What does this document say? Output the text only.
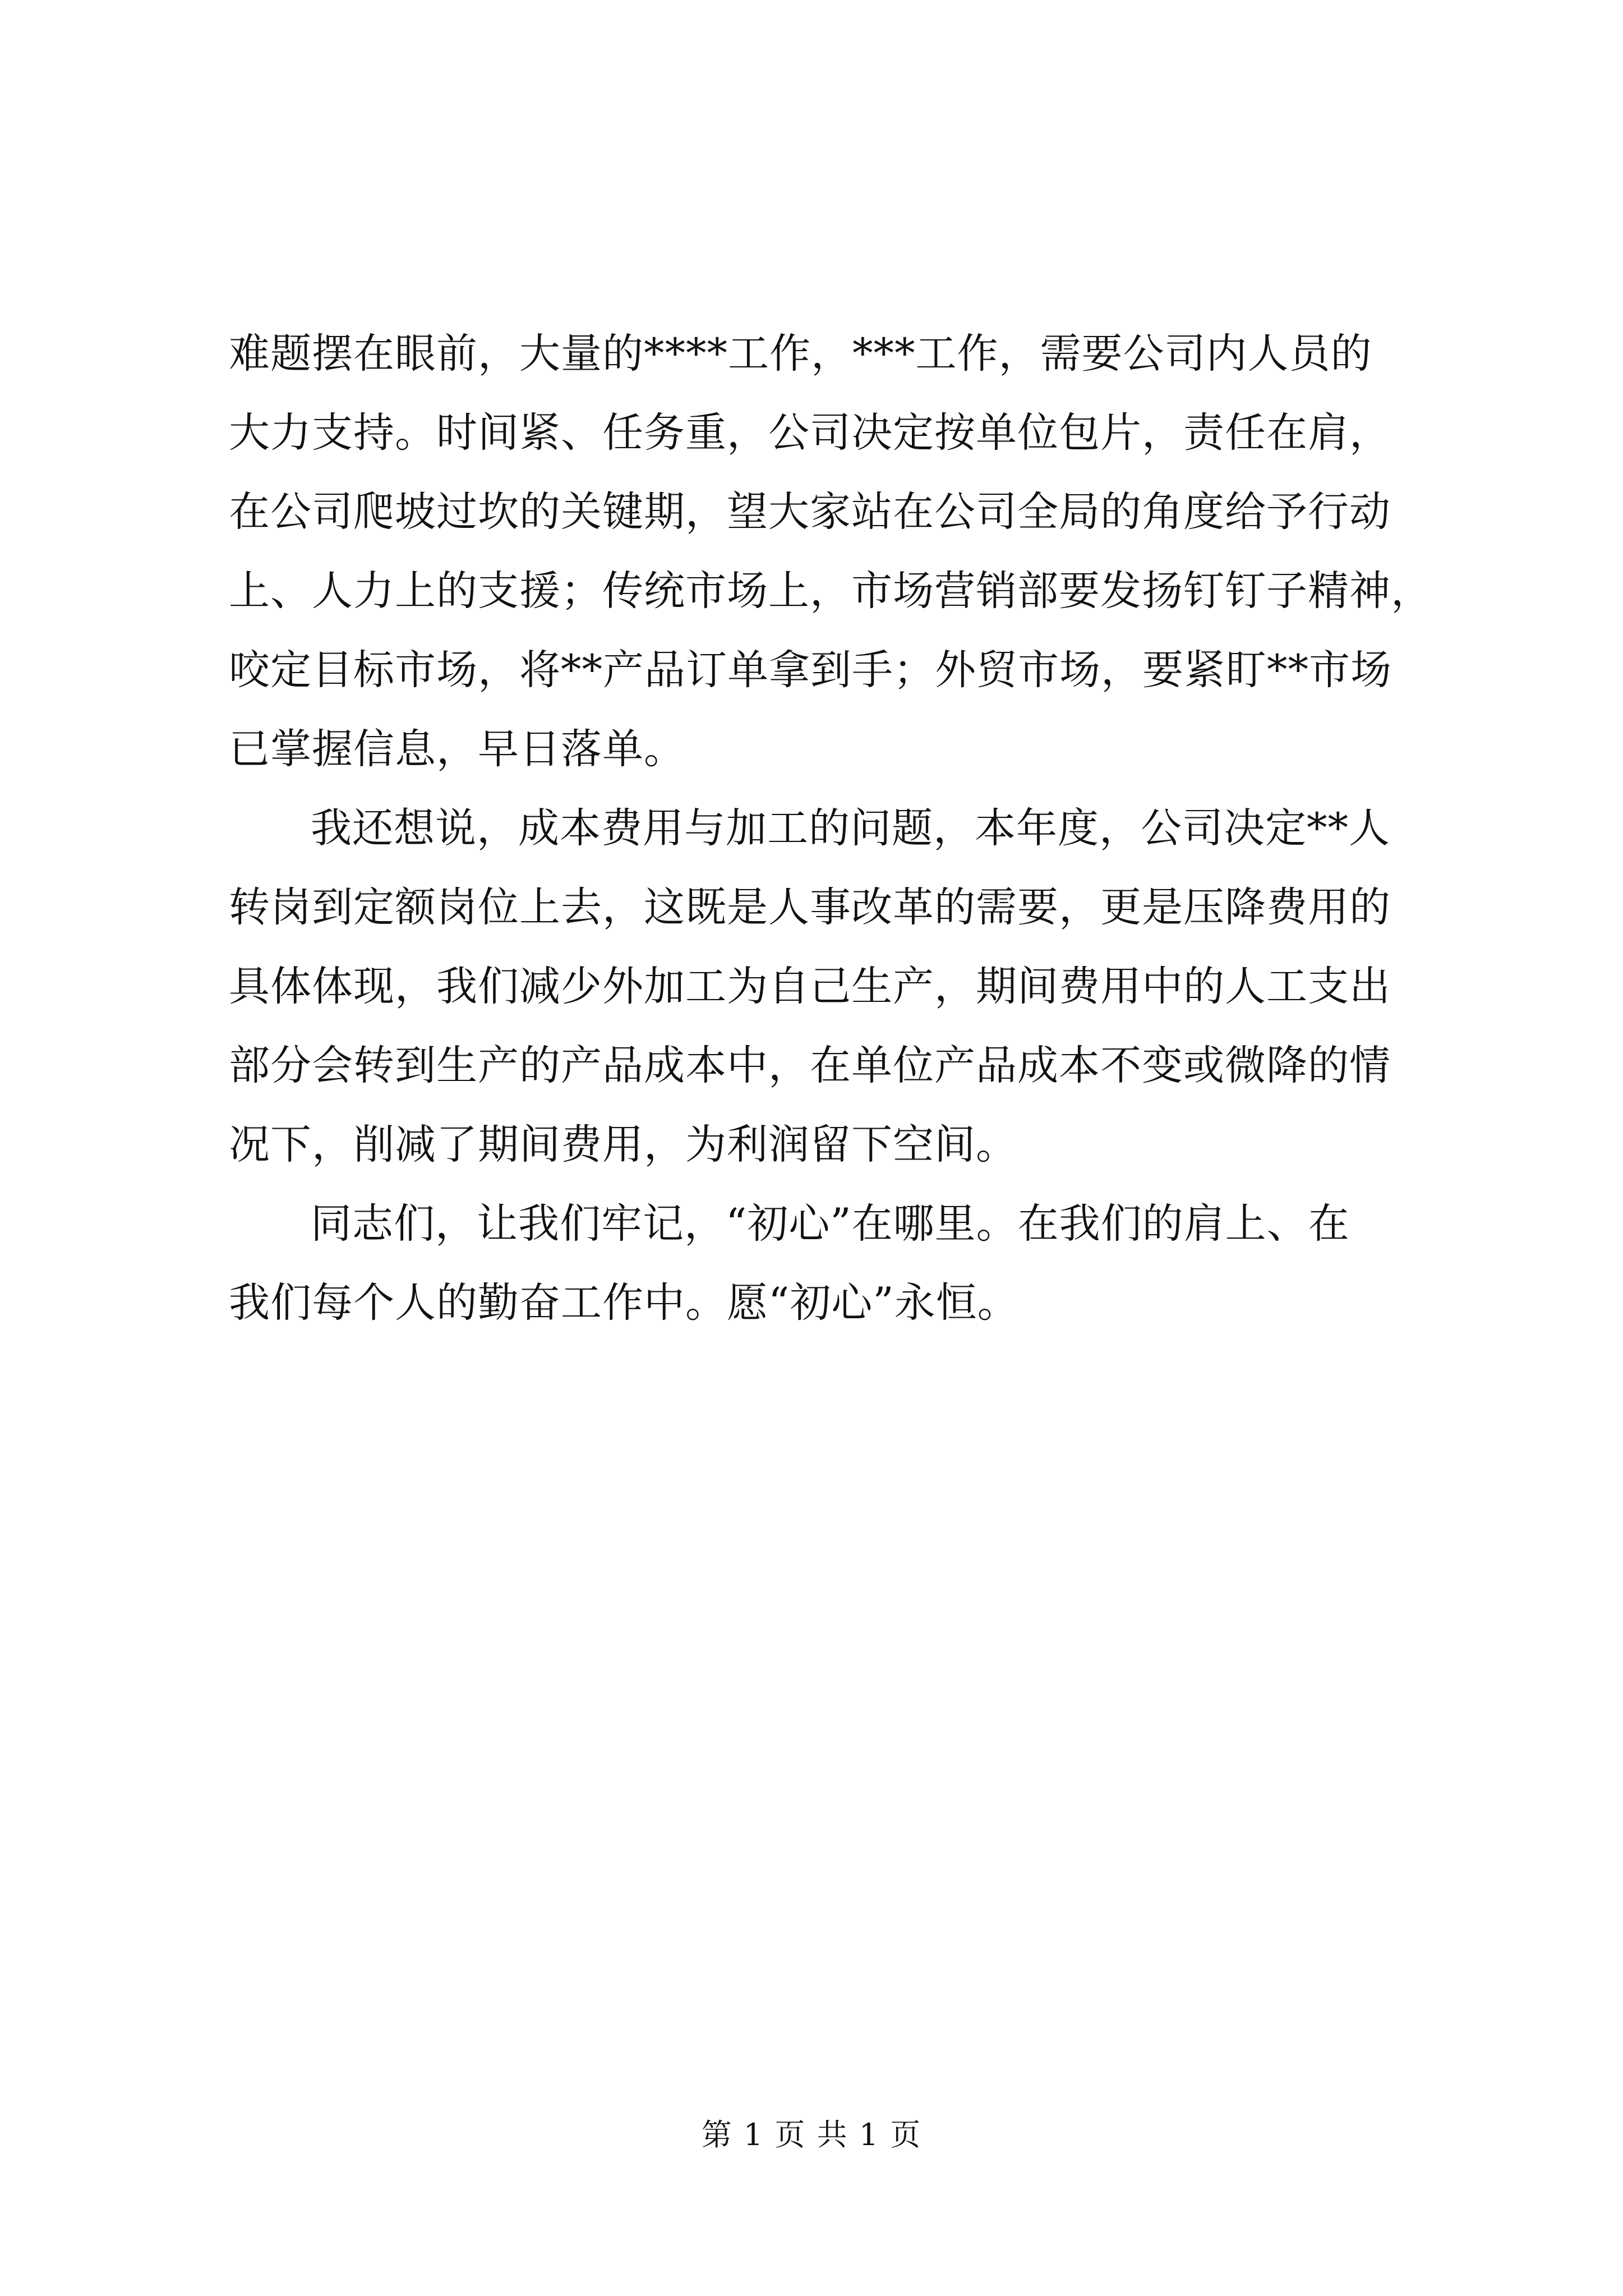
难题摆在眼前，大量的****工作，***工作，需要公司内人员的
大力支持。时间紧、任务重，公司决定按单位包片，责任在肩，
在公司爬坡过坎的关键期，望大家站在公司全局的角度给予行动
上、人力上的支援；传统市场上，市场营销部要发扬钉钉子精神，
咬定目标市场，将**产品订单拿到手；外贸市场，要紧盯**市场
已掌握信息，早日落单。
我还想说，成本费用与加工的问题，本年度，公司决定**人
转岗到定额岗位上去，这既是人事改革的需要，更是压降费用的
具体体现，我们减少外加工为自己生产，期间费用中的人工支出
部分会转到生产的产品成本中，在单位产品成本不变或微降的情
况下，削减了期间费用，为利润留下空间。
同志们，让我们牢记，“初心”在哪里。在我们的肩上、在
我们每个人的勤奋工作中。愿“初心”永恒。
第 1 页 共 1 页
